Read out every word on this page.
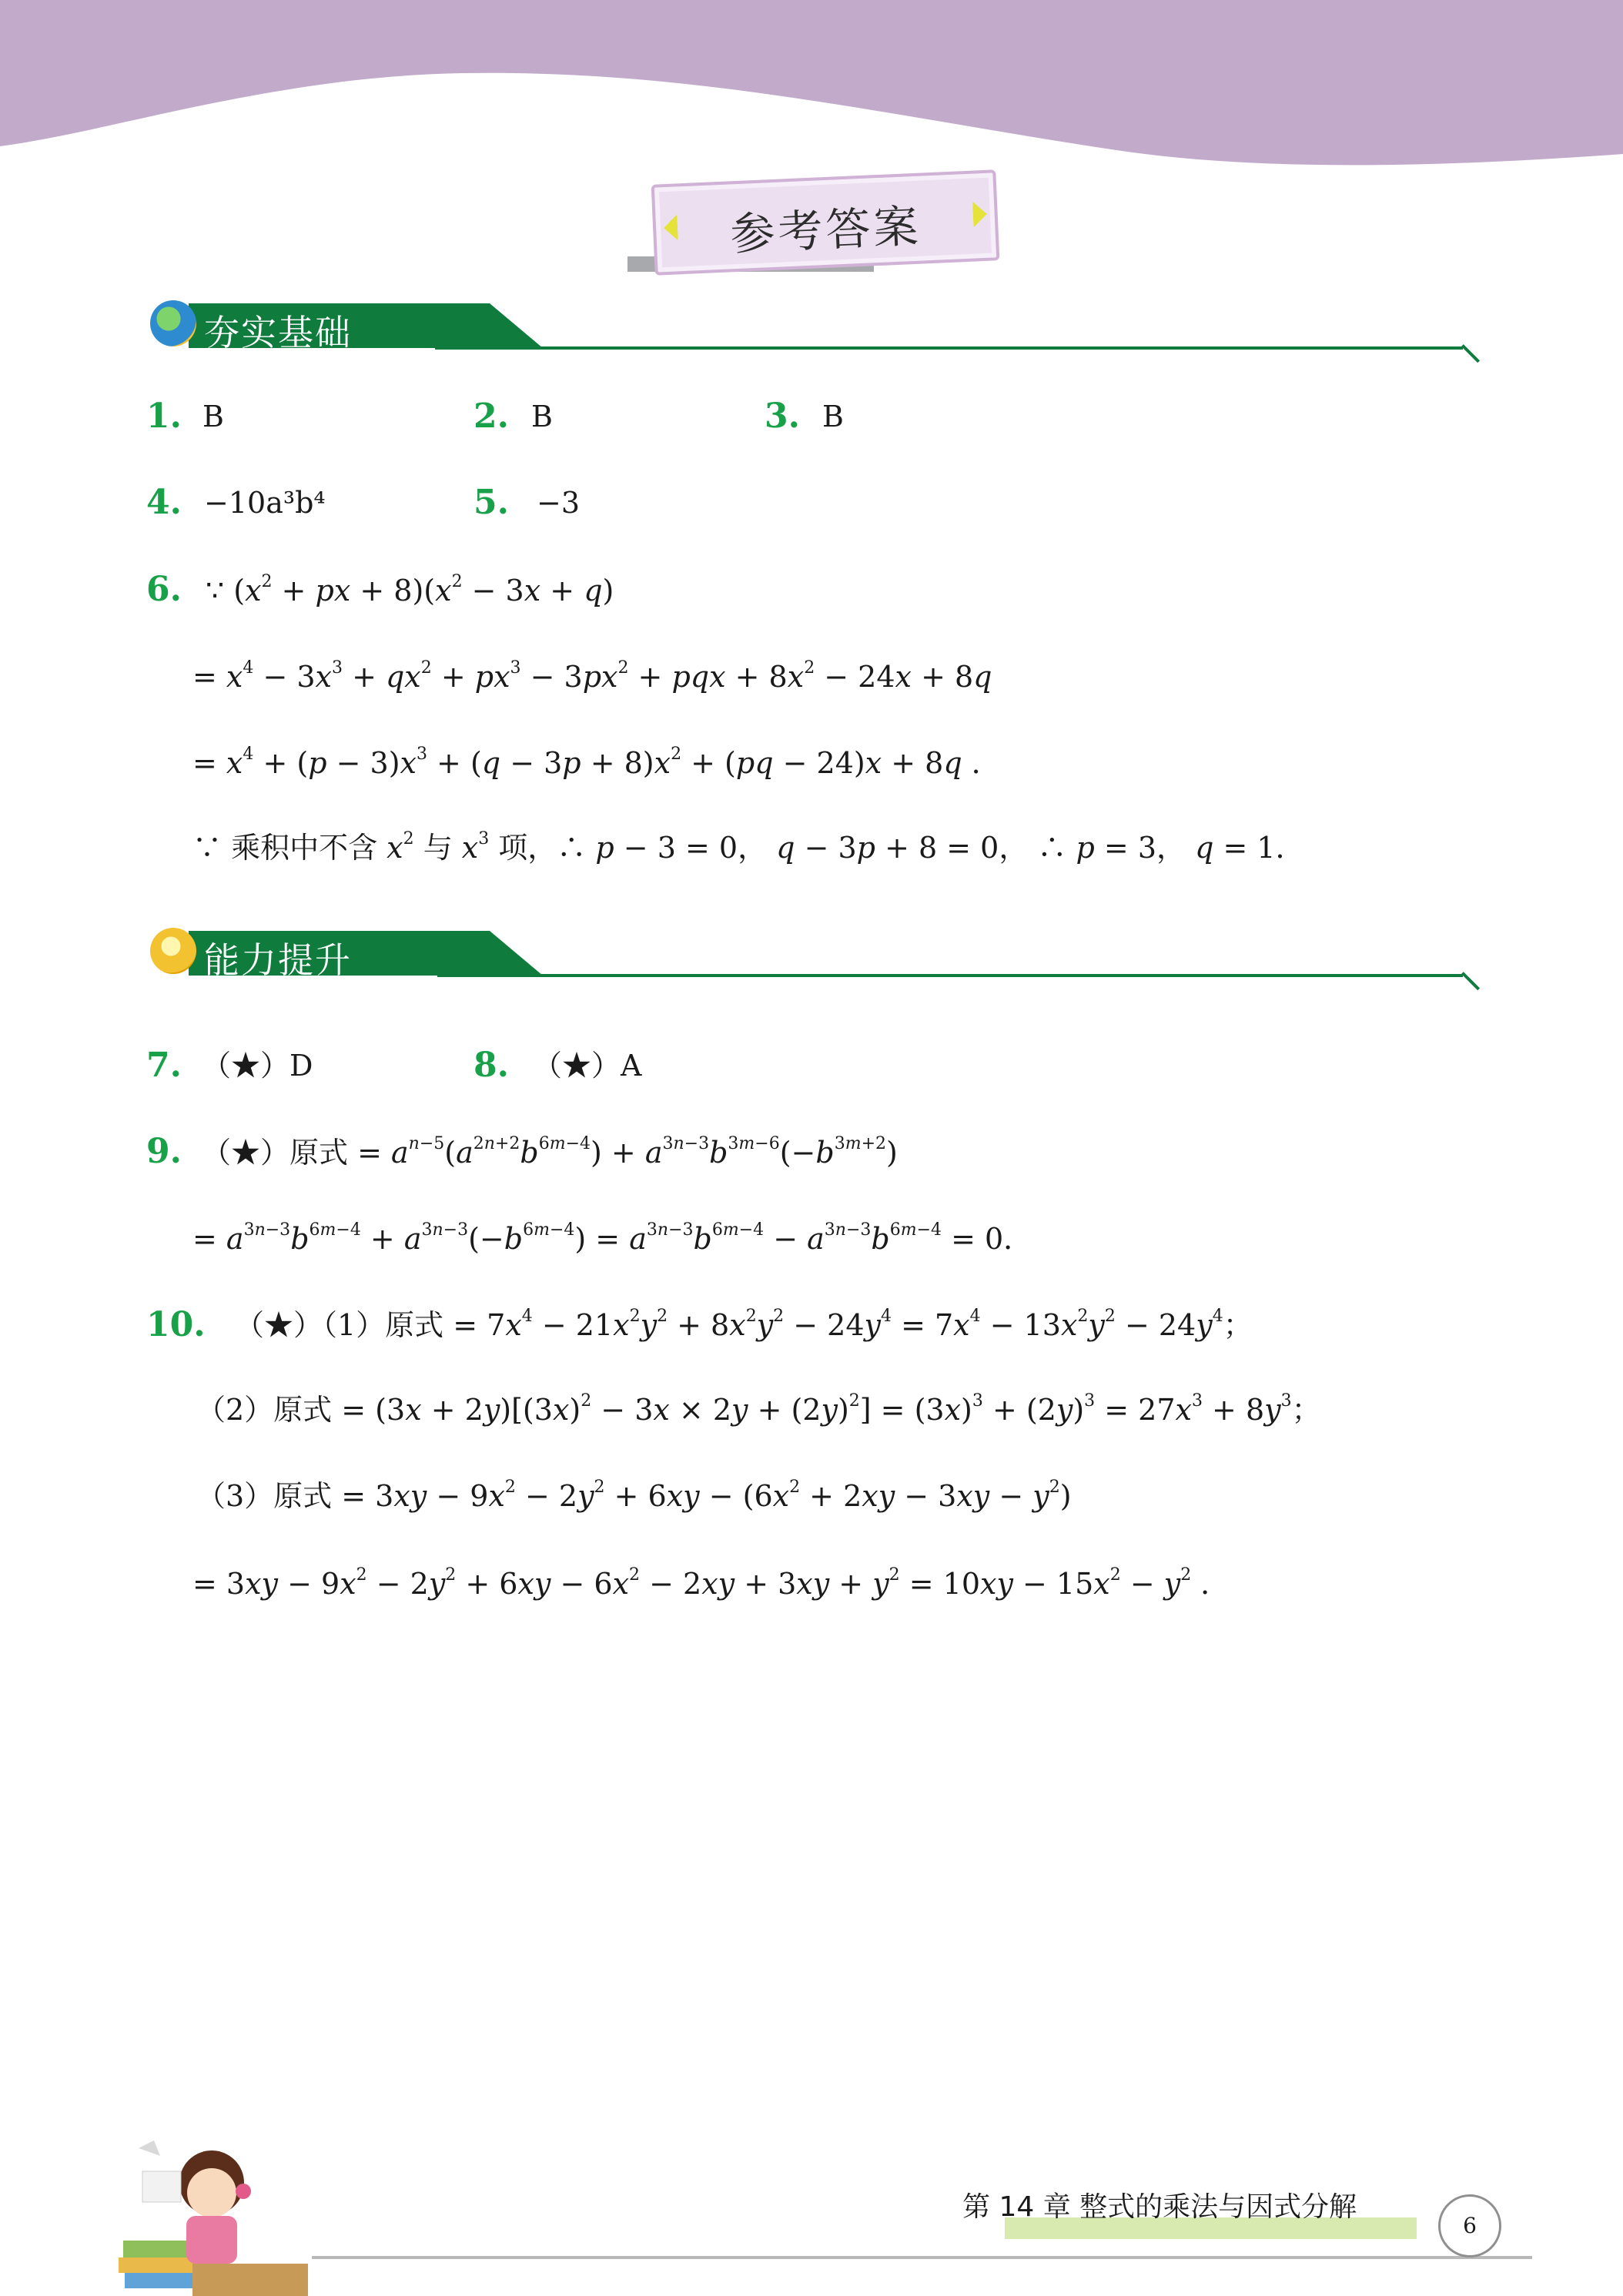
参考答案
夯实基础
1. B	2. B	3. B
4. −10a³b⁴	5. −3
6. ∵ ($x^2$ + px + $8)(x^2 - 3x + q)$
= $x^4 - 3x^3 + qx^2 + px^3 - 3px^2$ + pqx + $8x^2 - 24x + 8q$
= $x^4 + (p - 3)x^3 + (q - 3p + 8)x^2 + (pq - 24)x + 8q$ ．
∵ 乘积中不含 $x^2$ 与 $x^3$ 项，∴ p − 3 = 0， q − 3p + 8 = 0， ∴ p = 3， q = 1．
能力提升
7. （★）D	8. （★）A
9. （★）原式 = $a^{n-5}(a^{2n+2}b^{6m-4}) + a^{3n-3}b^{3m-6}(-b^{3m+2})$
= $a^{3n-3}b^{6m-4} + a^{3n-3}(-b^{6m-4}) = a^{3n-3}b^{6m-4} - a^{3n-3}b^{6m-4} = 0$．
10. （★）（1）原式 = $7x^4 - 21x^2y^2 + 8x^2y^2 - 24y^4 = 7x^4 - 13x^2y^2 - 24y^4$；
（2）原式 = $(3x + 2y)[(3x)^2 - 3x \times 2y + (2y)^2] = (3x)^3 + (2y)^3 = 27x^3 + 8y^3$；
（3）原式 = $3xy - 9x^2 - 2y^2 + 6xy - (6x^2 + 2xy - 3xy - y^2)$
= $3xy - 9x^2 - 2y^2 + 6xy - 6x^2 - 2xy + 3xy + y^2 = 10xy - 15x^2 - y^2$ ．
第 14 章 整式的乘法与因式分解
6
